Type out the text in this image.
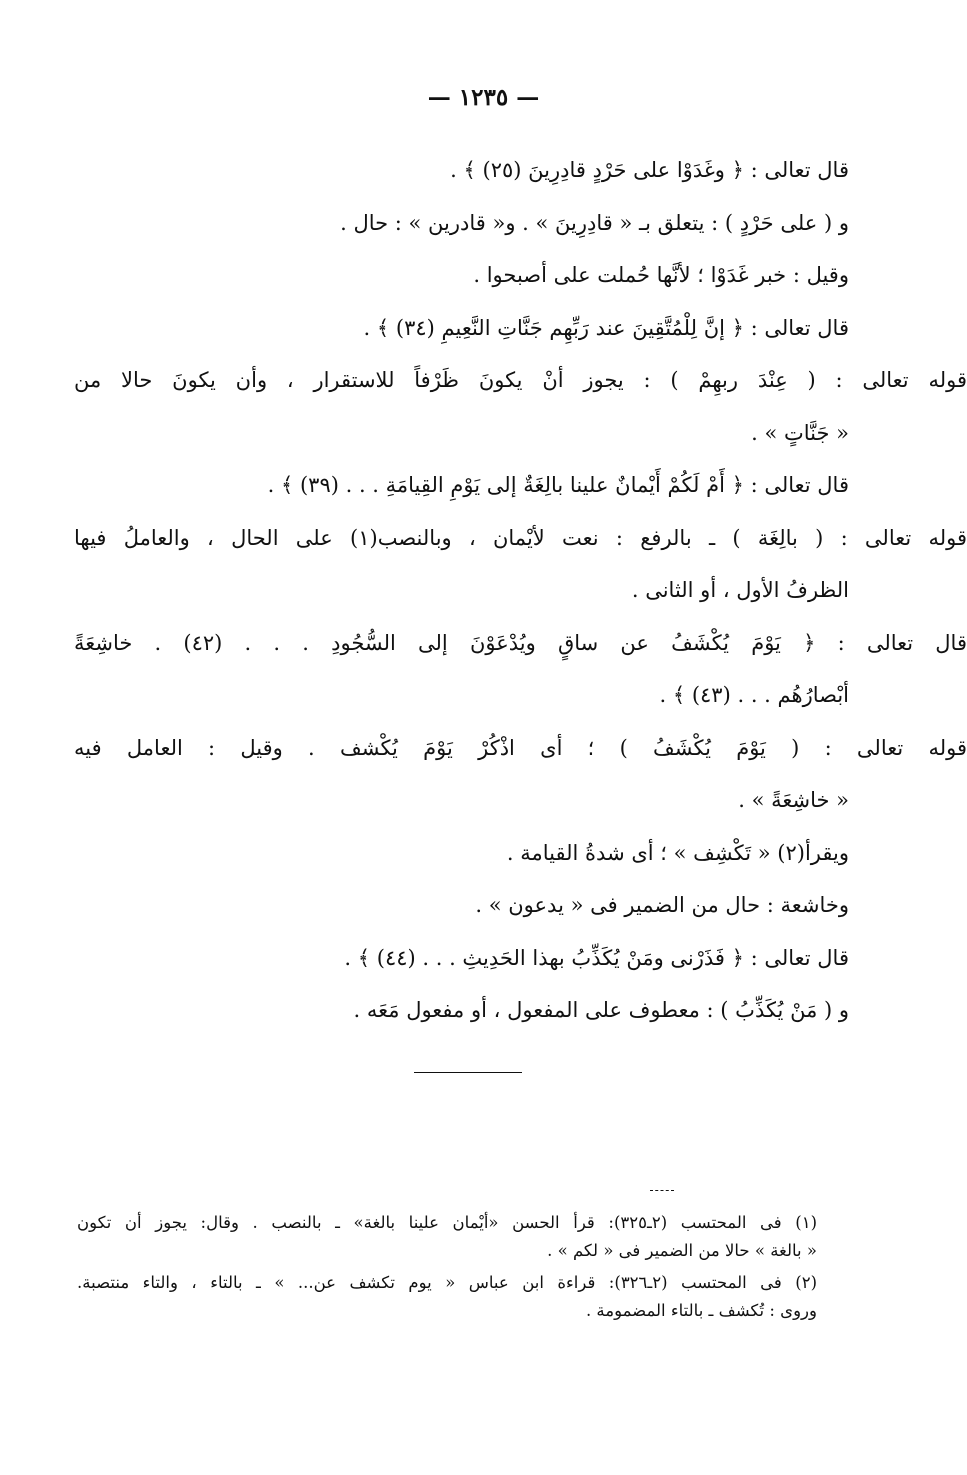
— ١٢٣٥ —

قال تعالى : ﴿ وغَدَوْا على حَرْدٍ قادِرِينَ (٢٥) ﴾ .

و ( على حَرْدٍ ) : يتعلق بـ « قادِرِينَ » . و« قادرين » : حال .

وقيل : خبر غَدَوْا ؛ لأنَّها حُملت على أصبحوا .

قال تعالى : ﴿ إنَّ لِلْمُتَّقِينَ عند رَبِّهِم جَنَّاتِ النَّعِيمِ (٣٤) ﴾ .

قوله تعالى : ( عِنْدَ ربهِمْ ) : يجوز أنْ يكونَ ظَرْفاً للاستقرار ، وأن يكونَ حالا من

« جَنَّاتٍ » .

قال تعالى : ﴿ أَمْ لَكُمْ أَيْمانٌ علينا بالِغَةٌ إلى يَوْمِ القِيامَةِ . . . (٣٩) ﴾ .

قوله تعالى : ( بالِغَة ) ـ بالرفع : نعت لأيْمان ، وبالنصب(١) على الحال ، والعاملُ فيها

الظرفُ الأول ، أو الثانى .

قال تعالى : ﴿ يَوْمَ يُكْشَفُ عن ساقٍ ويُدْعَوْنَ إلى السُّجُودِ . . . (٤٢) . خاشِعَةً

أبْصارُهُم . . . (٤٣) ﴾ .

قوله تعالى : ( يَوْمَ يُكْشَفُ ) ؛ أى اذْكُرْ يَوْمَ يُكْشف . وقيل : العامل فيه

« خاشِعَةً » .

ويقرأ(٢) « تَكْشِف » ؛ أى شدةُ القيامة .

وخاشعة : حال من الضمير فى « يدعون » .

قال تعالى : ﴿ فَذَرْنى ومَنْ يُكَذِّبُ بهذا الحَدِيثِ . . . (٤٤) ﴾ .

و ( مَنْ يُكَذِّبُ ) : معطوف على المفعول ، أو مفعول مَعَه .

(١) فى المحتسب (٢ـ٣٢٥): قرأ الحسن «أيْمان علينا بالغة» ـ بالنصب . وقال: يجوز أن تكون

« بالغة » حالا من الضمير فى « لكم » .

(٢) فى المحتسب (٢ـ٣٢٦): قراءة ابن عباس « يوم تكشف عن... » ـ بالتاء ، والتاء منتصبة.

وروى : تُكشف ـ بالتاء المضمومة .
